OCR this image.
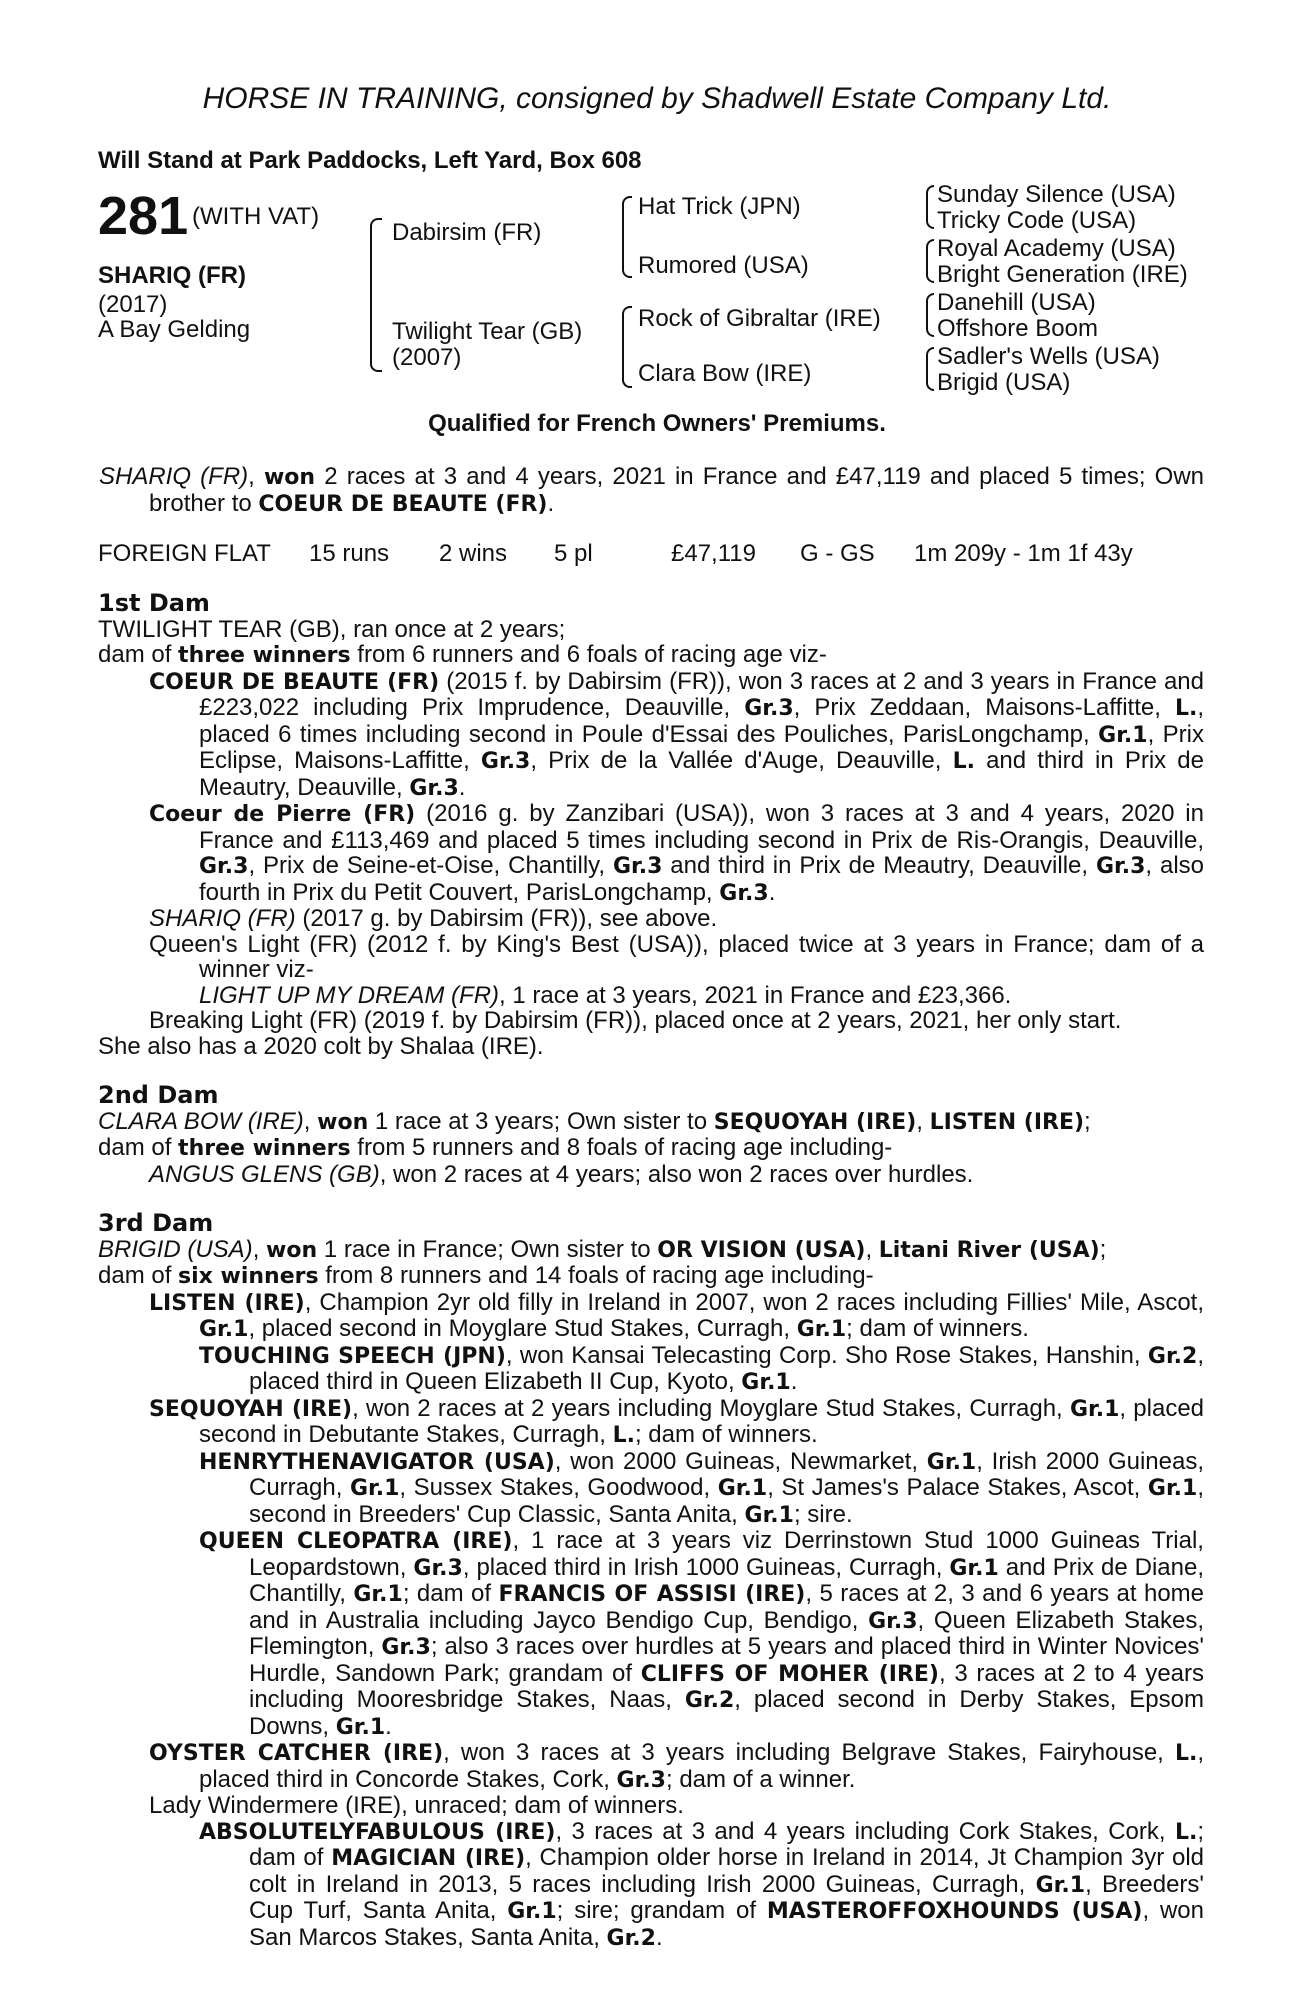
HORSE IN TRAINING, consigned by Shadwell Estate Company Ltd.
Will Stand at Park Paddocks, Left Yard, Box 608
281 (WITH VAT)
SHARIQ (FR)
(2017)
A Bay Gelding
Dabirsim (FR)
Twilight Tear (GB)
(2007)
Hat Trick (JPN)
Rumored (USA)
Rock of Gibraltar (IRE)
Clara Bow (IRE)
Sunday Silence (USA)
Tricky Code (USA)
Royal Academy (USA)
Bright Generation (IRE)
Danehill (USA)
Offshore Boom
Sadler's Wells (USA)
Brigid (USA)
Qualified for French Owners' Premiums.

SHARIQ (FR), won 2 races at 3 and 4 years, 2021 in France and £47,119 and placed 5 times; Own brother to COEUR DE BEAUTE (FR).

FOREIGN FLAT 15 runs 2 wins 5 pl	£47,119 G - GS 1m 209y - 1m 1f 43y
1st Dam

TWILIGHT TEAR (GB), ran once at 2 years;

dam of three winners from 6 runners and 6 foals of racing age viz-

COEUR DE BEAUTE (FR) (2015 f. by Dabirsim (FR)), won 3 races at 2 and 3 years in France and £223,022 including Prix Imprudence, Deauville, Gr.3, Prix Zeddaan, Maisons-Laffitte, L., placed 6 times including second in Poule d'Essai des Pouliches, ParisLongchamp, Gr.1, Prix Eclipse, Maisons-Laffitte, Gr.3, Prix de la Vallée d'Auge, Deauville, L. and third in Prix de Meautry, Deauville, Gr.3.

Coeur de Pierre (FR) (2016 g. by Zanzibari (USA)), won 3 races at 3 and 4 years, 2020 in France and £113,469 and placed 5 times including second in Prix de Ris-Orangis, Deauville, Gr.3, Prix de Seine-et-Oise, Chantilly, Gr.3 and third in Prix de Meautry, Deauville, Gr.3, also fourth in Prix du Petit Couvert, ParisLongchamp, Gr.3.

SHARIQ (FR) (2017 g. by Dabirsim (FR)), see above.

Queen's Light (FR) (2012 f. by King's Best (USA)), placed twice at 3 years in France; dam of a winner viz-

LIGHT UP MY DREAM (FR), 1 race at 3 years, 2021 in France and £23,366.

Breaking Light (FR) (2019 f. by Dabirsim (FR)), placed once at 2 years, 2021, her only start.

She also has a 2020 colt by Shalaa (IRE).

2nd Dam

CLARA BOW (IRE), won 1 race at 3 years; Own sister to SEQUOYAH (IRE), LISTEN (IRE);

dam of three winners from 5 runners and 8 foals of racing age including-

ANGUS GLENS (GB), won 2 races at 4 years; also won 2 races over hurdles.

3rd Dam

BRIGID (USA), won 1 race in France; Own sister to OR VISION (USA), Litani River (USA);

dam of six winners from 8 runners and 14 foals of racing age including-

LISTEN (IRE), Champion 2yr old filly in Ireland in 2007, won 2 races including Fillies' Mile, Ascot, Gr.1, placed second in Moyglare Stud Stakes, Curragh, Gr.1; dam of winners.

TOUCHING SPEECH (JPN), won Kansai Telecasting Corp. Sho Rose Stakes, Hanshin, Gr.2, placed third in Queen Elizabeth II Cup, Kyoto, Gr.1.

SEQUOYAH (IRE), won 2 races at 2 years including Moyglare Stud Stakes, Curragh, Gr.1, placed second in Debutante Stakes, Curragh, L.; dam of winners.

HENRYTHENAVIGATOR (USA), won 2000 Guineas, Newmarket, Gr.1, Irish 2000 Guineas, Curragh, Gr.1, Sussex Stakes, Goodwood, Gr.1, St James's Palace Stakes, Ascot, Gr.1, second in Breeders' Cup Classic, Santa Anita, Gr.1; sire.

QUEEN CLEOPATRA (IRE), 1 race at 3 years viz Derrinstown Stud 1000 Guineas Trial, Leopardstown, Gr.3, placed third in Irish 1000 Guineas, Curragh, Gr.1 and Prix de Diane, Chantilly, Gr.1; dam of FRANCIS OF ASSISI (IRE), 5 races at 2, 3 and 6 years at home and in Australia including Jayco Bendigo Cup, Bendigo, Gr.3, Queen Elizabeth Stakes, Flemington, Gr.3; also 3 races over hurdles at 5 years and placed third in Winter Novices' Hurdle, Sandown Park; grandam of CLIFFS OF MOHER (IRE), 3 races at 2 to 4 years including Mooresbridge Stakes, Naas, Gr.2, placed second in Derby Stakes, Epsom Downs, Gr.1.

OYSTER CATCHER (IRE), won 3 races at 3 years including Belgrave Stakes, Fairyhouse, L., placed third in Concorde Stakes, Cork, Gr.3; dam of a winner.

Lady Windermere (IRE), unraced; dam of winners.

ABSOLUTELYFABULOUS (IRE), 3 races at 3 and 4 years including Cork Stakes, Cork, L.; dam of MAGICIAN (IRE), Champion older horse in Ireland in 2014, Jt Champion 3yr old colt in Ireland in 2013, 5 races including Irish 2000 Guineas, Curragh, Gr.1, Breeders' Cup Turf, Santa Anita, Gr.1; sire; grandam of MASTEROFFOXHOUNDS (USA), won San Marcos Stakes, Santa Anita, Gr.2.
